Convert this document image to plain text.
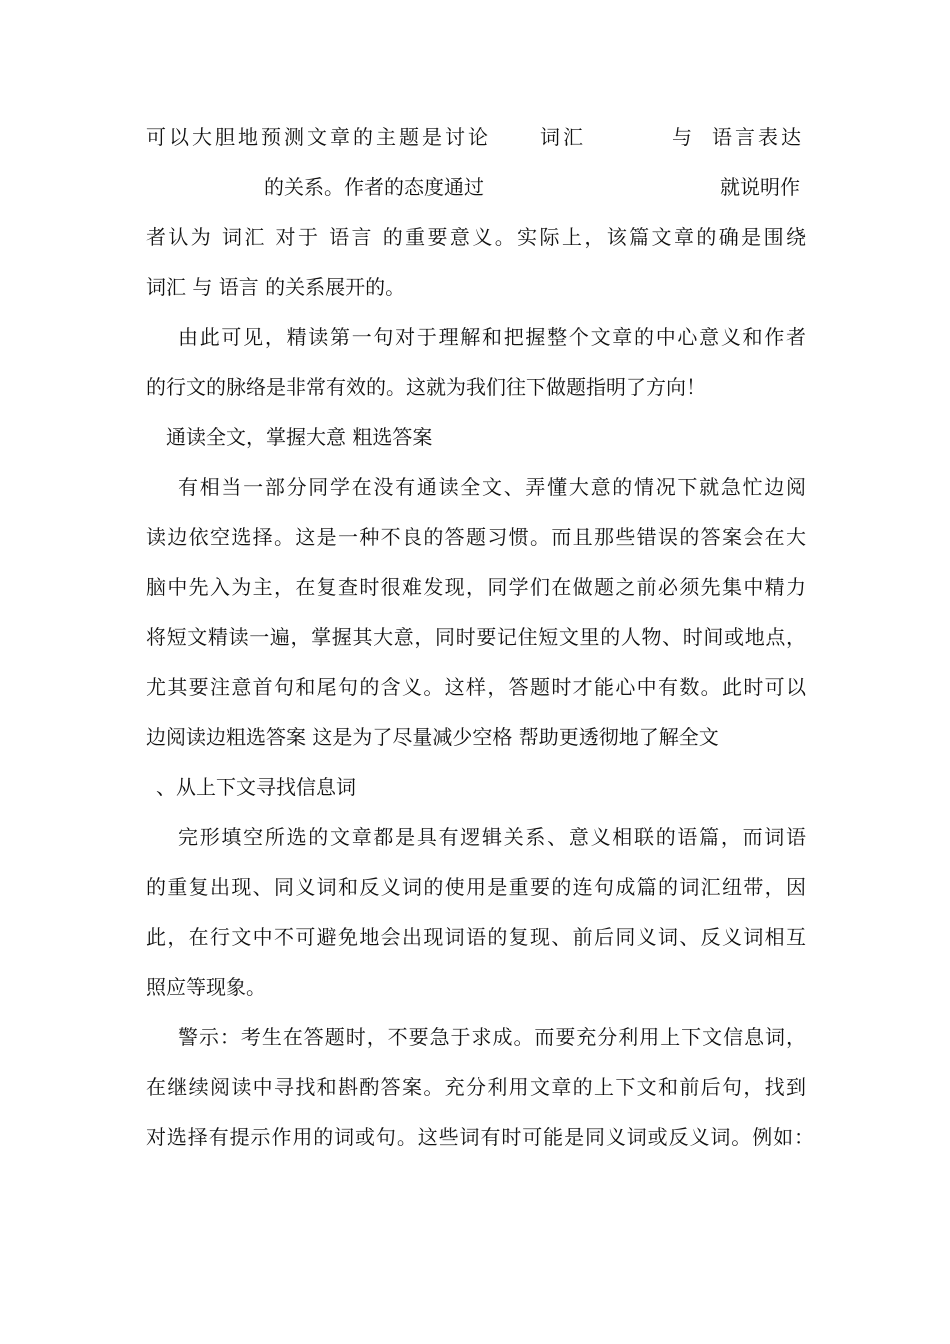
可以大胆地预测文章的主题是讨论 词汇	与 语言表达
的关系。作者的态度通过	就说明作
者认为 词汇 对于 语言 的重要意义。实际上，该篇文章的确是围绕
词汇 与 语言 的关系展开的。
由此可见，精读第一句对于理解和把握整个文章的中心意义和作者
的行文的脉络是非常有效的。这就为我们往下做题指明了方向！
通读全文，掌握大意 粗选答案
有相当一部分同学在没有通读全文、弄懂大意的情况下就急忙边阅
读边依空选择。这是一种不良的答题习惯。而且那些错误的答案会在大
脑中先入为主，在复查时很难发现，同学们在做题之前必须先集中精力
将短文精读一遍，掌握其大意，同时要记住短文里的人物、时间或地点，
尤其要注意首句和尾句的含义。这样，答题时才能心中有数。此时可以
边阅读边粗选答案 这是为了尽量减少空格 帮助更透彻地了解全文
、从上下文寻找信息词
完形填空所选的文章都是具有逻辑关系、意义相联的语篇，而词语
的重复出现、同义词和反义词的使用是重要的连句成篇的词汇纽带，因
此，在行文中不可避免地会出现词语的复现、前后同义词、反义词相互
照应等现象。
警示：考生在答题时，不要急于求成。而要充分利用上下文信息词，
在继续阅读中寻找和斟酌答案。充分利用文章的上下文和前后句，找到
对选择有提示作用的词或句。这些词有时可能是同义词或反义词。例如：
